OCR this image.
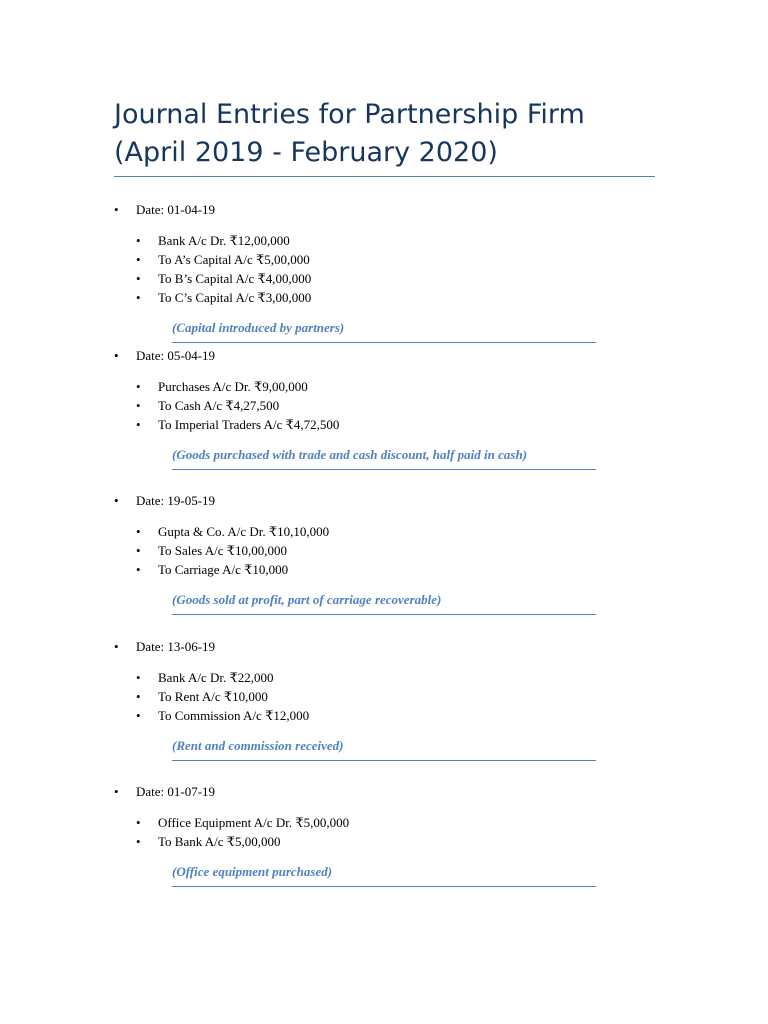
Journal Entries for Partnership Firm
(April 2019 - February 2020)
• Date: 01-04-19
• Bank A/c Dr. ₹12,00,000
• To A’s Capital A/c ₹5,00,000
• To B’s Capital A/c ₹4,00,000
• To C’s Capital A/c ₹3,00,000
(Capital introduced by partners)
• Date: 05-04-19
• Purchases A/c Dr. ₹9,00,000
• To Cash A/c ₹4,27,500
• To Imperial Traders A/c ₹4,72,500
(Goods purchased with trade and cash discount, half paid in cash)
• Date: 19-05-19
• Gupta & Co. A/c Dr. ₹10,10,000
• To Sales A/c ₹10,00,000
• To Carriage A/c ₹10,000
(Goods sold at profit, part of carriage recoverable)
• Date: 13-06-19
• Bank A/c Dr. ₹22,000
• To Rent A/c ₹10,000
• To Commission A/c ₹12,000
(Rent and commission received)
• Date: 01-07-19
• Office Equipment A/c Dr. ₹5,00,000
• To Bank A/c ₹5,00,000
(Office equipment purchased)
